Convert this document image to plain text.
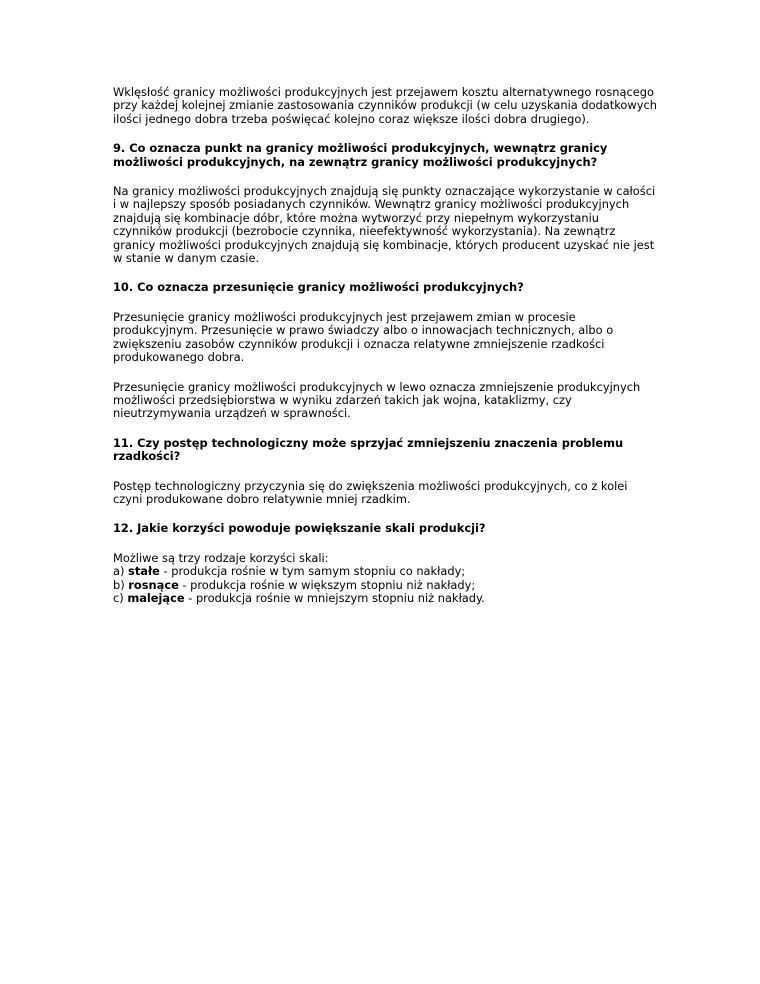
Wklęsłość granicy możliwości produkcyjnych jest przejawem kosztu alternatywnego rosnącego
przy każdej kolejnej zmianie zastosowania czynników produkcji (w celu uzyskania dodatkowych
ilości jednego dobra trzeba poświęcać kolejno coraz większe ilości dobra drugiego).

9. Co oznacza punkt na granicy możliwości produkcyjnych, wewnątrz granicy
możliwości produkcyjnych, na zewnątrz granicy możliwości produkcyjnych?

Na granicy możliwości produkcyjnych znajdują się punkty oznaczające wykorzystanie w całości
i w najlepszy sposób posiadanych czynników. Wewnątrz granicy możliwości produkcyjnych
znajdują się kombinacje dóbr, które można wytworzyć przy niepełnym wykorzystaniu
czynników produkcji (bezrobocie czynnika, nieefektywność wykorzystania). Na zewnątrz
granicy możliwości produkcyjnych znajdują się kombinacje, których producent uzyskać nie jest
w stanie w danym czasie.

10. Co oznacza przesunięcie granicy możliwości produkcyjnych?

Przesunięcie granicy możliwości produkcyjnych jest przejawem zmian w procesie
produkcyjnym. Przesunięcie w prawo świadczy albo o innowacjach technicznych, albo o
zwiększeniu zasobów czynników produkcji i oznacza relatywne zmniejszenie rzadkości
produkowanego dobra.

Przesunięcie granicy możliwości produkcyjnych w lewo oznacza zmniejszenie produkcyjnych
możliwości przedsiębiorstwa w wyniku zdarzeń takich jak wojna, kataklizmy, czy
nieutrzymywania urządzeń w sprawności.

11. Czy postęp technologiczny może sprzyjać zmniejszeniu znaczenia problemu
rzadkości?

Postęp technologiczny przyczynia się do zwiększenia możliwości produkcyjnych, co z kolei
czyni produkowane dobro relatywnie mniej rzadkim.

12. Jakie korzyści powoduje powiększanie skali produkcji?

Możliwe są trzy rodzaje korzyści skali:
a) stałe - produkcja rośnie w tym samym stopniu co nakłady;
b) rosnące - produkcja rośnie w większym stopniu niż nakłady;
c) malejące - produkcja rośnie w mniejszym stopniu niż nakłady.
